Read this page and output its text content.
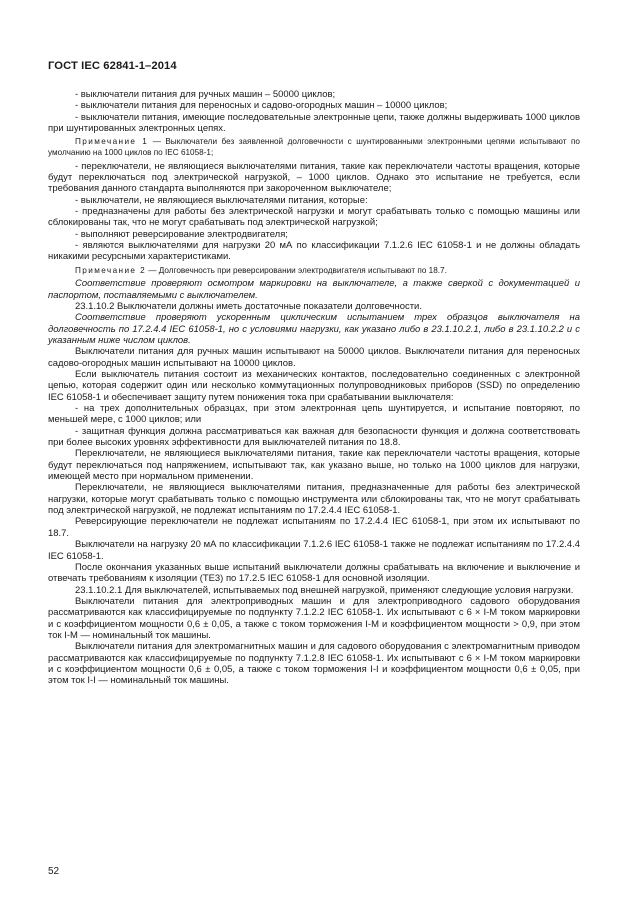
ГОСТ IEC 62841-1–2014

- выключатели питания для ручных машин – 50000 циклов;

- выключатели питания для переносных и садово-огородных машин – 10000 циклов;

- выключатели питания, имеющие последовательные электронные цепи, также должны выдерживать 1000 циклов при шунтированных электронных цепях.

Примечание 1 — Выключатели без заявленной долговечности с шунтированными электронными цепями испытывают по умолчанию на 1000 циклов по IEC 61058-1;

- переключатели, не являющиеся выключателями питания, такие как переключатели частоты вращения, которые будут переключаться под электрической нагрузкой, – 1000 циклов. Однако это испытание не требуется, если требования данного стандарта выполняются при закороченном выключателе;

- выключатели, не являющиеся выключателями питания, которые:

- предназначены для работы без электрической нагрузки и могут срабатывать только с помощью машины или сблокированы так, что не могут срабатывать под электрической нагрузкой;

- выполняют реверсирование электродвигателя;

- являются выключателями для нагрузки 20 мА по классификации 7.1.2.6 IEC 61058-1 и не должны обладать никакими ресурсными характеристиками.

Примечание 2 — Долговечность при реверсировании электродвигателя испытывают по 18.7.

Соответствие проверяют осмотром маркировки на выключателе, а также сверкой с документацией и паспортом, поставляемыми с выключателем.

23.1.10.2 Выключатели должны иметь достаточные показатели долговечности.

Соответствие проверяют ускоренным циклическим испытанием трех образцов выключателя на долговечность по 17.2.4.4 IEC 61058-1, но с условиями нагрузки, как указано либо в 23.1.10.2.1, либо в 23.1.10.2.2 и с указанным ниже числом циклов.

Выключатели питания для ручных машин испытывают на 50000 циклов. Выключатели питания для переносных садово-огородных машин испытывают на 10000 циклов.

Если выключатель питания состоит из механических контактов, последовательно соединенных с электронной цепью, которая содержит один или несколько коммутационных полупроводниковых приборов (SSD) по определению IEC 61058-1 и обеспечивает защиту путем понижения тока при срабатывании выключателя:

- на трех дополнительных образцах, при этом электронная цепь шунтируется, и испытание повторяют, по меньшей мере, с 1000 циклов; или

- защитная функция должна рассматриваться как важная для безопасности функция и должна соответствовать при более высоких уровнях эффективности для выключателей питания по 18.8.

Переключатели, не являющиеся выключателями питания, такие как переключатели частоты вращения, которые будут переключаться под напряжением, испытывают так, как указано выше, но только на 1000 циклов для нагрузки, имеющей место при нормальном применении.

Переключатели, не являющиеся выключателями питания, предназначенные для работы без электрической нагрузки, которые могут срабатывать только с помощью инструмента или сблокированы так, что не могут срабатывать под электрической нагрузкой, не подлежат испытаниям по 17.2.4.4 IEC 61058-1.

Реверсирующие переключатели не подлежат испытаниям по 17.2.4.4 IEC 61058-1, при этом их испытывают по 18.7.

Выключатели на нагрузку 20 мА по классификации 7.1.2.6 IEC 61058-1 также не подлежат испытаниям по 17.2.4.4 IEC 61058-1.

После окончания указанных выше испытаний выключатели должны срабатывать на включение и выключение и отвечать требованиям к изоляции (TE3) по 17.2.5 IEC 61058-1 для основной изоляции.

23.1.10.2.1 Для выключателей, испытываемых под внешней нагрузкой, применяют следующие условия нагрузки.

Выключатели питания для электроприводных машин и для электроприводного садового оборудования рассматриваются как классифицируемые по подпункту 7.1.2.2 IEC 61058-1. Их испытывают с 6 × I-M током маркировки и с коэффициентом мощности 0,6 ± 0,05, а также с током торможения I-M и коэффициентом мощности > 0,9, при этом ток I-M — номинальный ток машины.

Выключатели питания для электромагнитных машин и для садового оборудования с электромагнитным приводом рассматриваются как классифицируемые по подпункту 7.1.2.8 IEC 61058-1. Их испытывают с 6 × I-M током маркировки и с коэффициентом мощности 0,6 ± 0,05, а также с током торможения I-I и коэффициентом мощности 0,6 ± 0,05, при этом ток I-I — номинальный ток машины.

52
